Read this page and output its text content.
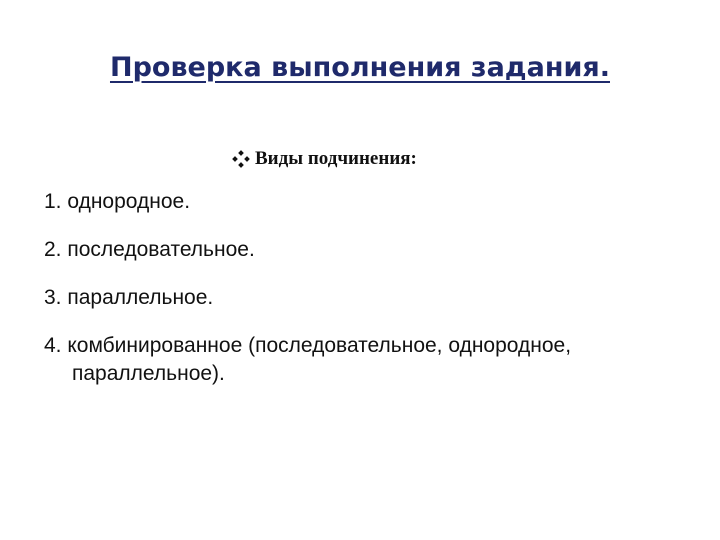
Проверка выполнения задания.
Виды подчинения:
1. однородное.
2. последовательное.
3. параллельное.
4. комбинированное (последовательное, однородное, параллельное).
